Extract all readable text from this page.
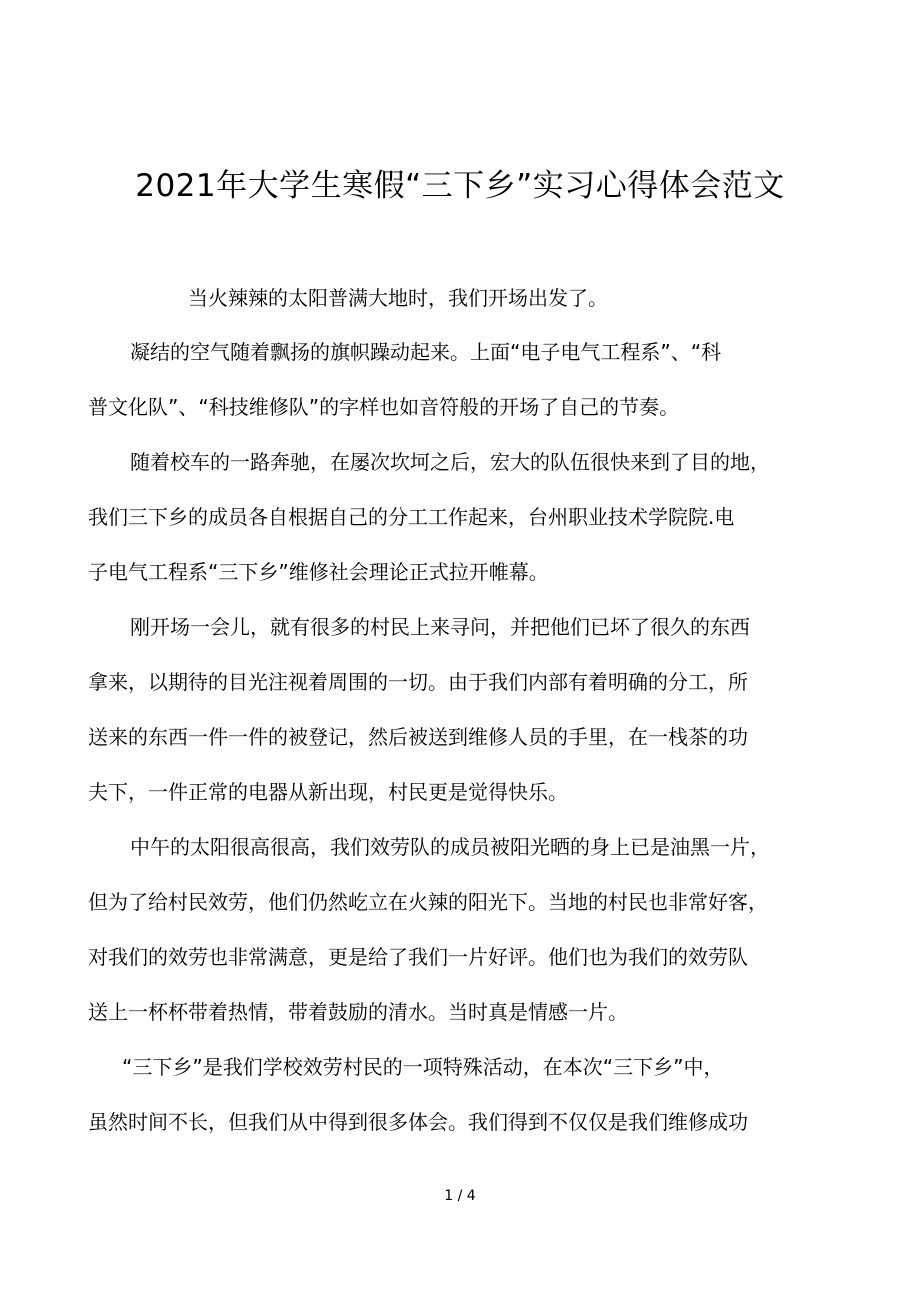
2021年大学生寒假“三下乡”实习心得体会范文
当火辣辣的太阳普满大地时，我们开场出发了。
凝结的空气随着飘扬的旗帜躁动起来。上面“电子电气工程系”、“科
普文化队”、“科技维修队”的字样也如音符般的开场了自己的节奏。
随着校车的一路奔驰，在屡次坎坷之后，宏大的队伍很快来到了目的地，
我们三下乡的成员各自根据自己的分工工作起来，台州职业技术学院院.电
子电气工程系“三下乡”维修社会理论正式拉开帷幕。
刚开场一会儿，就有很多的村民上来寻问，并把他们已坏了很久的东西
拿来，以期待的目光注视着周围的一切。由于我们内部有着明确的分工，所
送来的东西一件一件的被登记，然后被送到维修人员的手里，在一栈茶的功
夫下，一件正常的电器从新出现，村民更是觉得快乐。
中午的太阳很高很高，我们效劳队的成员被阳光晒的身上已是油黑一片，
但为了给村民效劳，他们仍然屹立在火辣的阳光下。当地的村民也非常好客，
对我们的效劳也非常满意，更是给了我们一片好评。他们也为我们的效劳队
送上一杯杯带着热情，带着鼓励的清水。当时真是情感一片。
“三下乡”是我们学校效劳村民的一项特殊活动，在本次“三下乡”中，
虽然时间不长，但我们从中得到很多体会。我们得到不仅仅是我们维修成功
1 / 4
